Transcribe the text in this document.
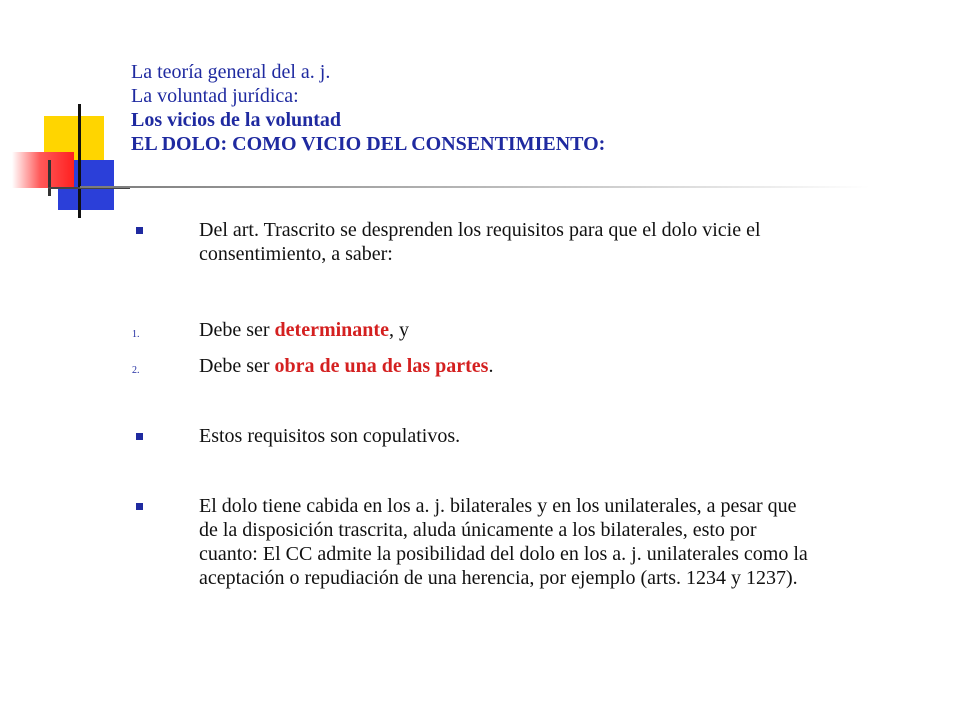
La teoría general del a. j.
La voluntad jurídica:
Los vicios de la voluntad
EL DOLO: COMO VICIO DEL CONSENTIMIENTO:
Del art. Trascrito se desprenden los requisitos para que el dolo vicie el
consentimiento, a saber:
1.	Debe ser determinante, y
2.	Debe ser obra de una de las partes.
Estos requisitos son copulativos.
El dolo tiene cabida en los a. j. bilaterales y en los unilaterales, a pesar que
de la disposición trascrita, aluda únicamente a los bilaterales, esto por
cuanto: El CC admite la posibilidad del dolo en los a. j. unilaterales como la
aceptación o repudiación de una herencia, por ejemplo (arts. 1234 y 1237).
